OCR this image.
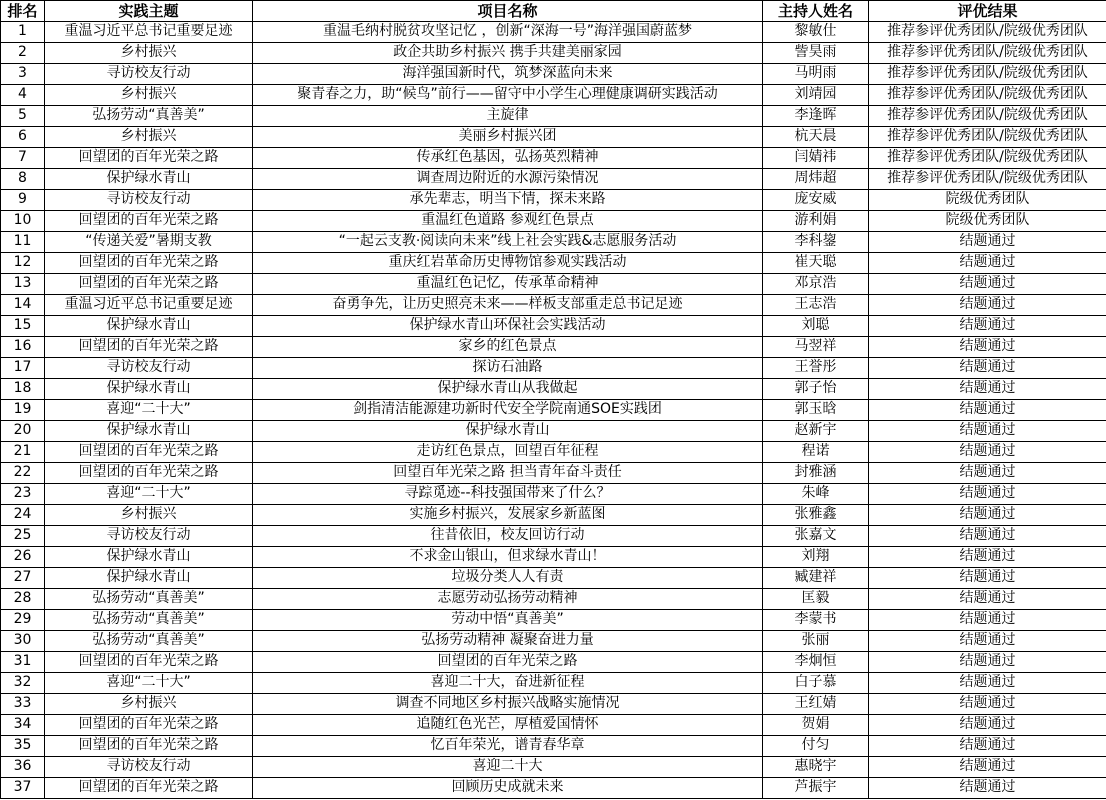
排名	实践主题	项目名称	主持人姓名	评优结果
1	重温习近平总书记重要足迹	重温毛纳村脱贫攻坚记忆 ，创新“深海一号”海洋强国蔚蓝梦	黎敏仕	推荐参评优秀团队/院级优秀团队
2	乡村振兴	政企共助乡村振兴 携手共建美丽家园	訾昊雨	推荐参评优秀团队/院级优秀团队
3	寻访校友行动	海洋强国新时代，筑梦深蓝向未来	马明雨	推荐参评优秀团队/院级优秀团队
4	乡村振兴	聚青春之力，助“候鸟”前行——留守中小学生心理健康调研实践活动	刘靖园	推荐参评优秀团队/院级优秀团队
5	弘扬劳动“真善美”	主旋律	李逢晖	推荐参评优秀团队/院级优秀团队
6	乡村振兴	美丽乡村振兴团	杭天晨	推荐参评优秀团队/院级优秀团队
7	回望团的百年光荣之路	传承红色基因，弘扬英烈精神	闫婧祎	推荐参评优秀团队/院级优秀团队
8	保护绿水青山	调查周边附近的水源污染情况	周炜超	推荐参评优秀团队/院级优秀团队
9	寻访校友行动	承先辈志，明当下情，探未来路	庞安威	院级优秀团队
10	回望团的百年光荣之路	重温红色道路 参观红色景点	游利娟	院级优秀团队
11	“传递关爱”暑期支教	“一起云支教·阅读向未来”线上社会实践&志愿服务活动	李科鋆	结题通过
12	回望团的百年光荣之路	重庆红岩革命历史博物馆参观实践活动	崔天聪	结题通过
13	回望团的百年光荣之路	重温红色记忆，传承革命精神	邓京浩	结题通过
14	重温习近平总书记重要足迹	奋勇争先，让历史照亮未来——样板支部重走总书记足迹	王志浩	结题通过
15	保护绿水青山	保护绿水青山环保社会实践活动	刘聪	结题通过
16	回望团的百年光荣之路	家乡的红色景点	马翌祥	结题通过
17	寻访校友行动	探访石油路	王誉彤	结题通过
18	保护绿水青山	保护绿水青山从我做起	郭子怡	结题通过
19	喜迎“二十大”	剑指清洁能源建功新时代安全学院南通SOE实践团	郭玉晗	结题通过
20	保护绿水青山	保护绿水青山	赵新宇	结题通过
21	回望团的百年光荣之路	走访红色景点，回望百年征程	程诺	结题通过
22	回望团的百年光荣之路	回望百年光荣之路 担当青年奋斗责任	封雅涵	结题通过
23	喜迎“二十大”	寻踪觅迹--科技强国带来了什么？	朱峰	结题通过
24	乡村振兴	实施乡村振兴，发展家乡新蓝图	张雅鑫	结题通过
25	寻访校友行动	往昔依旧，校友回访行动	张嘉文	结题通过
26	保护绿水青山	不求金山银山，但求绿水青山！	刘翔	结题通过
27	保护绿水青山	垃圾分类人人有责	臧建祥	结题通过
28	弘扬劳动“真善美”	志愿劳动弘扬劳动精神	匡毅	结题通过
29	弘扬劳动“真善美”	劳动中悟“真善美”	李蒙书	结题通过
30	弘扬劳动“真善美”	弘扬劳动精神 凝聚奋进力量	张丽	结题通过
31	回望团的百年光荣之路	回望团的百年光荣之路	李炯恒	结题通过
32	喜迎“二十大”	喜迎二十大，奋进新征程	白子慕	结题通过
33	乡村振兴	调查不同地区乡村振兴战略实施情况	王红婧	结题通过
34	回望团的百年光荣之路	追随红色光芒，厚植爱国情怀	贺娟	结题通过
35	回望团的百年光荣之路	忆百年荣光，谱青春华章	付匀	结题通过
36	寻访校友行动	喜迎二十大	惠晓宇	结题通过
37	回望团的百年光荣之路	回顾历史成就未来	芦振宇	结题通过
